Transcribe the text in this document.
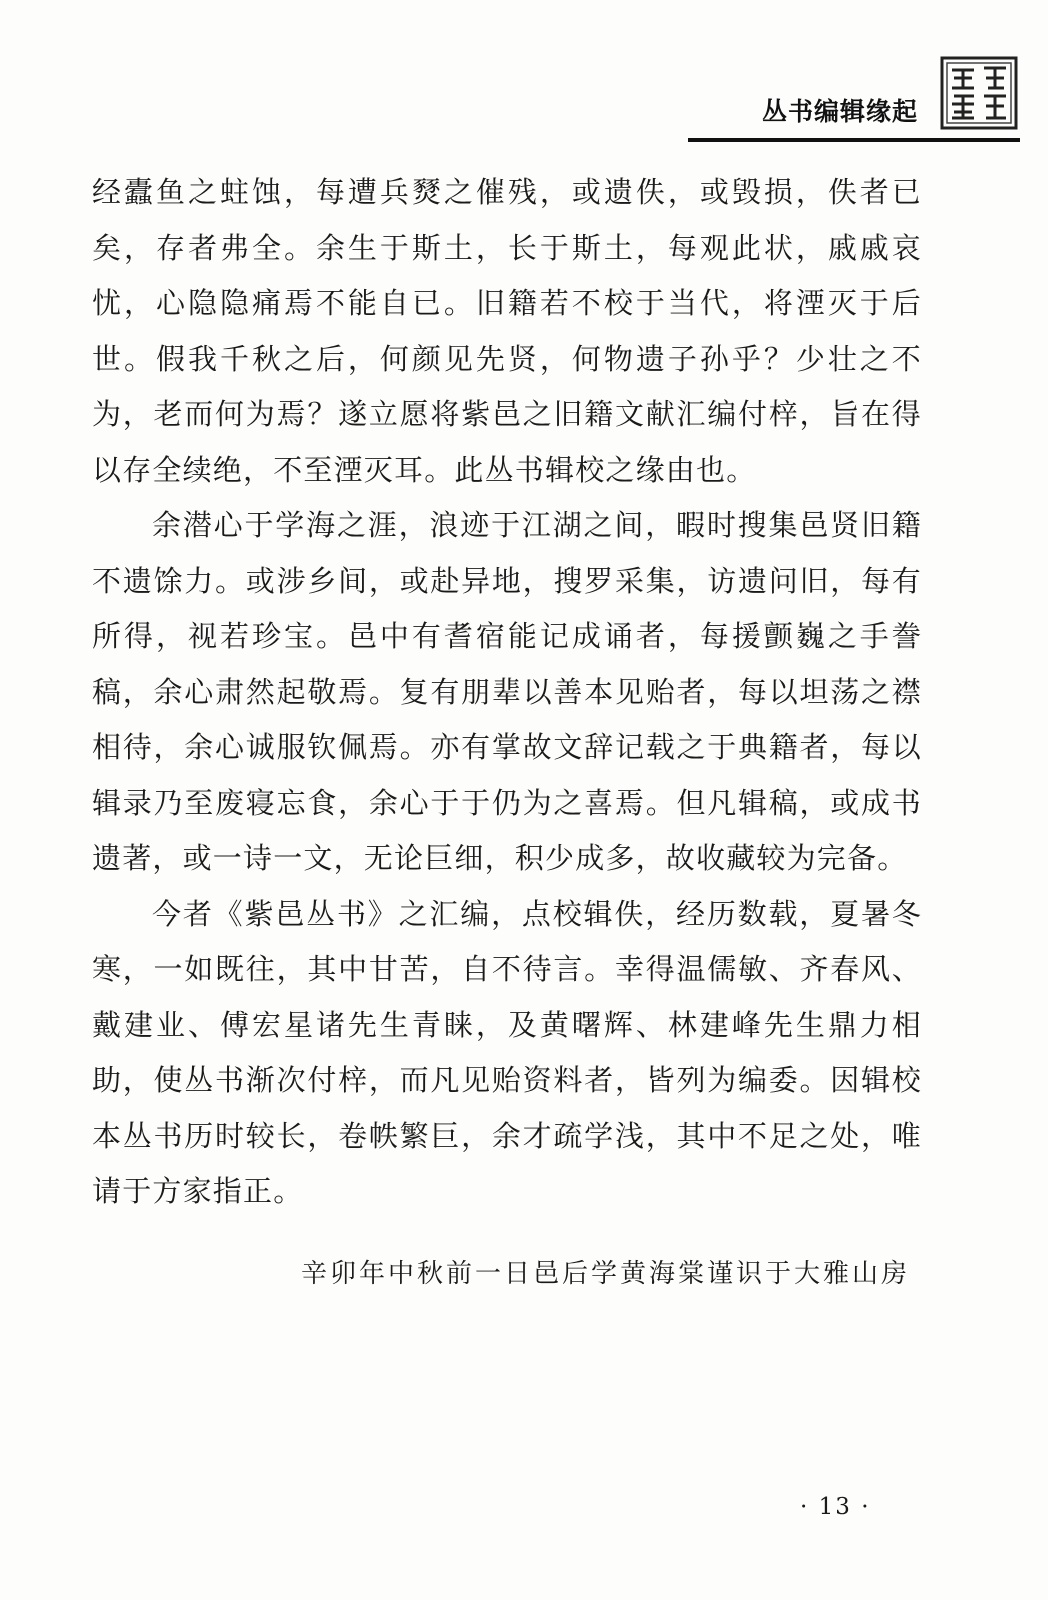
丛书编辑缘起

经蠹鱼之蛀蚀，每遭兵燹之催残，或遗佚，或毁损，佚者已矣，存者弗全。余生于斯土，长于斯土，每观此状，戚戚哀忧，心隐隐痛焉不能自已。旧籍若不校于当代，将湮灭于后世。假我千秋之后，何颜见先贤，何物遗子孙乎？少壮之不为，老而何为焉？遂立愿将紫邑之旧籍文献汇编付梓，旨在得以存全续绝，不至湮灭耳。此丛书辑校之缘由也。

余潜心于学海之涯，浪迹于江湖之间，暇时搜集邑贤旧籍不遗馀力。或涉乡间，或赴异地，搜罗采集，访遗问旧，每有所得，视若珍宝。邑中有耆宿能记成诵者，每援颤巍之手誊稿，余心肃然起敬焉。复有朋辈以善本见贻者，每以坦荡之襟相待，余心诚服钦佩焉。亦有掌故文辞记载之于典籍者，每以辑录乃至废寝忘食，余心于于仍为之喜焉。但凡辑稿，或成书遗著，或一诗一文，无论巨细，积少成多，故收藏较为完备。

今者《紫邑丛书》之汇编，点校辑佚，经历数载，夏暑冬寒，一如既往，其中甘苦，自不待言。幸得温儒敏、齐春风、戴建业、傅宏星诸先生青睐，及黄曙辉、林建峰先生鼎力相助，使丛书渐次付梓，而凡见贻资料者，皆列为编委。因辑校本丛书历时较长，卷帙繁巨，余才疏学浅，其中不足之处，唯请于方家指正。

辛卯年中秋前一日邑后学黄海棠谨识于大雅山房
· 13 ·
